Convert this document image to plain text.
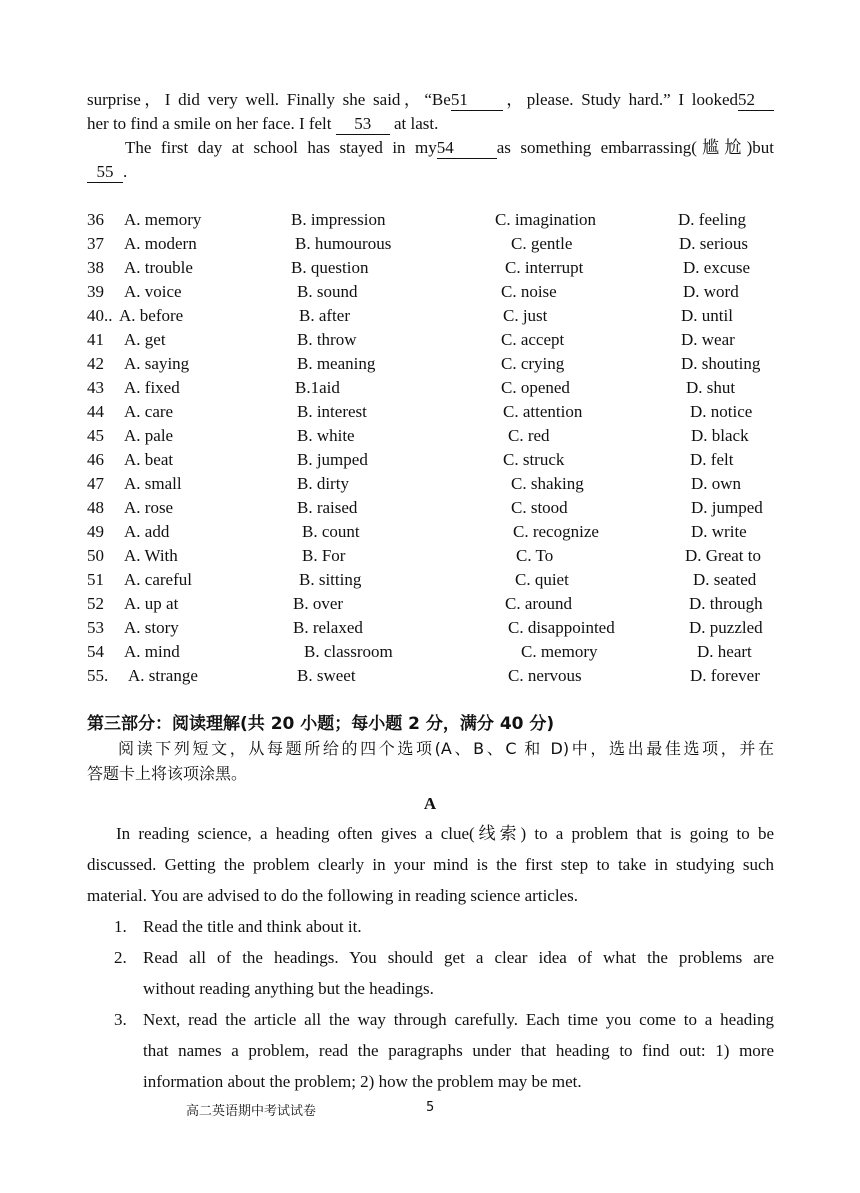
surprise，I did very well. Finally she said，“Be51 ，please. Study hard.” I looked52
her to find a smile on her face. I felt 53 at last.
The first day at school has stayed in my54	as something embarrassing(尴尬)but
55 .
36 A. memory	B. impression	C. imagination	D. feeling
37 A. modern	B. humourous	C. gentle	D. serious
38 A. trouble	B. question	C. interrupt	D. excuse
39 A. voice	B. sound	C. noise	D. word
40.. A. before	B. after	C. just	D. until
41 A. get	B. throw	C. accept	D. wear
42 A. saying	B. meaning	C. crying	D. shouting
43 A. fixed	B.1aid	C. opened	D. shut
44 A. care	B. interest	C. attention	D. notice
45 A. pale	B. white	C. red	D. black
46 A. beat	B. jumped	C. struck	D. felt
47 A. small	B. dirty	C. shaking	D. own
48 A. rose	B. raised	C. stood	D. jumped
49 A. add	B. count	C. recognize	D. write
50 A. With	B. For	C. To	D. Great to
51 A. careful	B. sitting	C. quiet	D. seated
52 A. up at	B. over	C. around	D. through
53 A. story	B. relaxed	C. disappointed	D. puzzled
54 A. mind	B. classroom	C. memory	D. heart
55. A. strange	B. sweet	C. nervous	D. forever
第三部分：阅读理解(共 20 小题；每小题 2 分，满分 40 分)
阅读下列短文，从每题所给的四个选项(A、B、C 和 D)中，选出最佳选项，并在
答题卡上将该项涂黑。
A
In reading science, a heading often gives a clue(线索) to a problem that is going to be
discussed. Getting the problem clearly in your mind is the first step to take in studying such
material. You are advised to do the following in reading science articles.
1. Read the title and think about it.
2. Read all of the headings. You should get a clear idea of what the problems are
without reading anything but the headings.
3. Next, read the article all the way through carefully. Each time you come to a heading
that names a problem, read the paragraphs under that heading to find out: 1) more
information about the problem; 2) how the problem may be met.
高二英语期中考试试卷	5
